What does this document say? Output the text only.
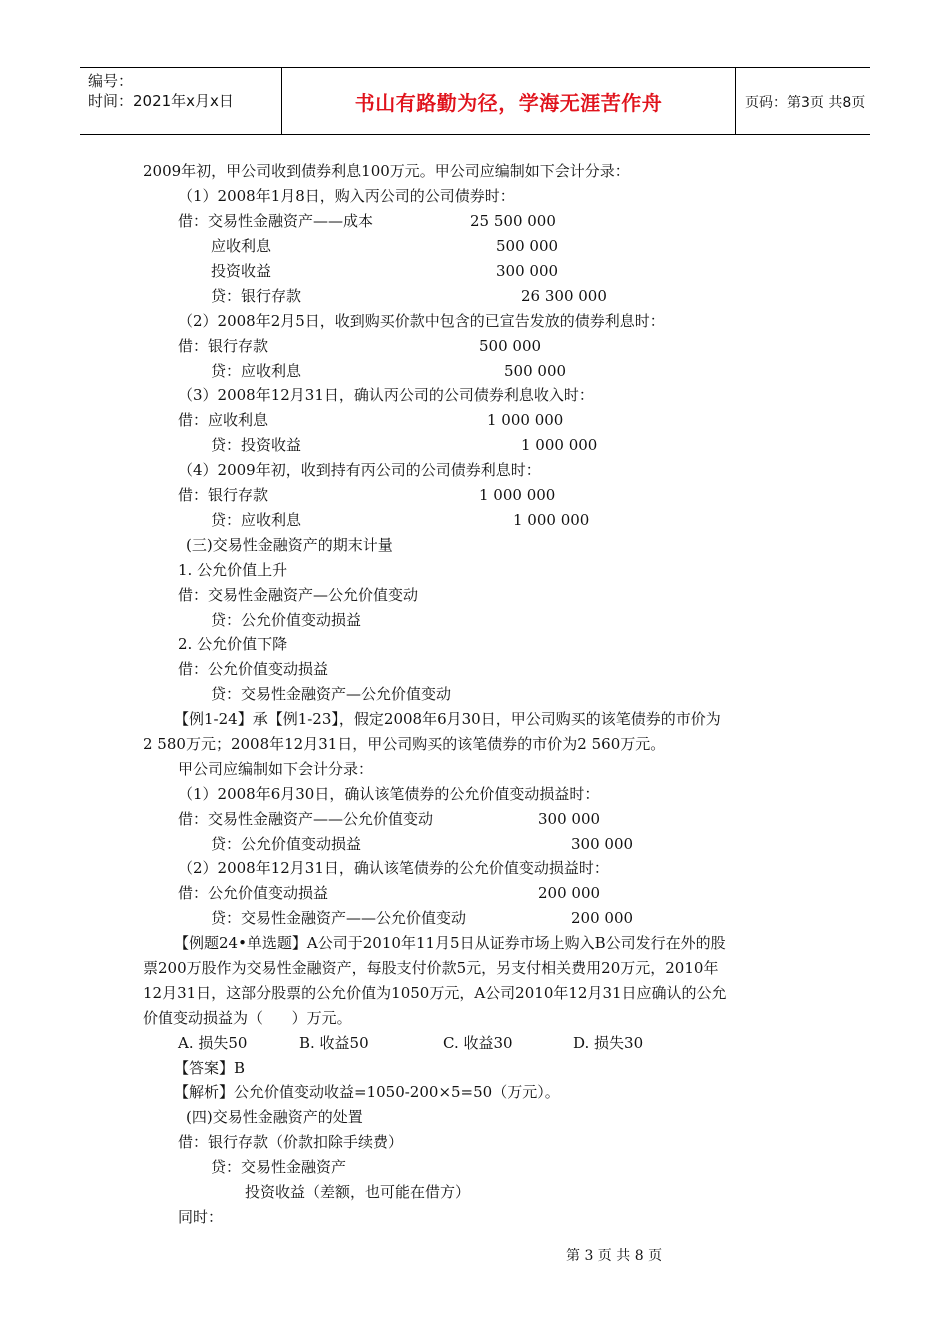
编号：
时间：2021年x月x日	书山有路勤为径，学海无涯苦作舟	页码：第3页 共8页
2009年初，甲公司收到债券利息100万元。甲公司应编制如下会计分录：
（1）2008年1月8日，购入丙公司的公司债券时：
借：交易性金融资产——成本	25 500 000
应收利息	500 000
投资收益	300 000
贷：银行存款	26 300 000
（2）2008年2月5日，收到购买价款中包含的已宣告发放的债券利息时：
借：银行存款	500 000
贷：应收利息	500 000
（3）2008年12月31日，确认丙公司的公司债券利息收入时：
借：应收利息	1 000 000
贷：投资收益	1 000 000
（4）2009年初，收到持有丙公司的公司债券利息时：
借：银行存款	1 000 000
贷：应收利息	1 000 000
(三)交易性金融资产的期末计量
1. 公允价值上升
借：交易性金融资产—公允价值变动
贷：公允价值变动损益
2. 公允价值下降
借：公允价值变动损益
贷：交易性金融资产—公允价值变动
【例1-24】承【例1-23】，假定2008年6月30日，甲公司购买的该笔债券的市价为
2 580万元；2008年12月31日，甲公司购买的该笔债券的市价为2 560万元。
甲公司应编制如下会计分录：
（1）2008年6月30日，确认该笔债券的公允价值变动损益时：
借：交易性金融资产——公允价值变动	300 000
贷：公允价值变动损益	300 000
（2）2008年12月31日，确认该笔债券的公允价值变动损益时：
借：公允价值变动损益	200 000
贷：交易性金融资产——公允价值变动	200 000
【例题24•单选题】A公司于2010年11月5日从证券市场上购入B公司发行在外的股
票200万股作为交易性金融资产，每股支付价款5元，另支付相关费用20万元，2010年
12月31日，这部分股票的公允价值为1050万元，A公司2010年12月31日应确认的公允
价值变动损益为（      ）万元。
A. 损失50	B. 收益50	C. 收益30	D. 损失30
【答案】B
【解析】公允价值变动收益=1050-200×5=50（万元）。
(四)交易性金融资产的处置
借：银行存款（价款扣除手续费）
贷：交易性金融资产
投资收益（差额，也可能在借方）
同时：
第 3 页 共 8 页
